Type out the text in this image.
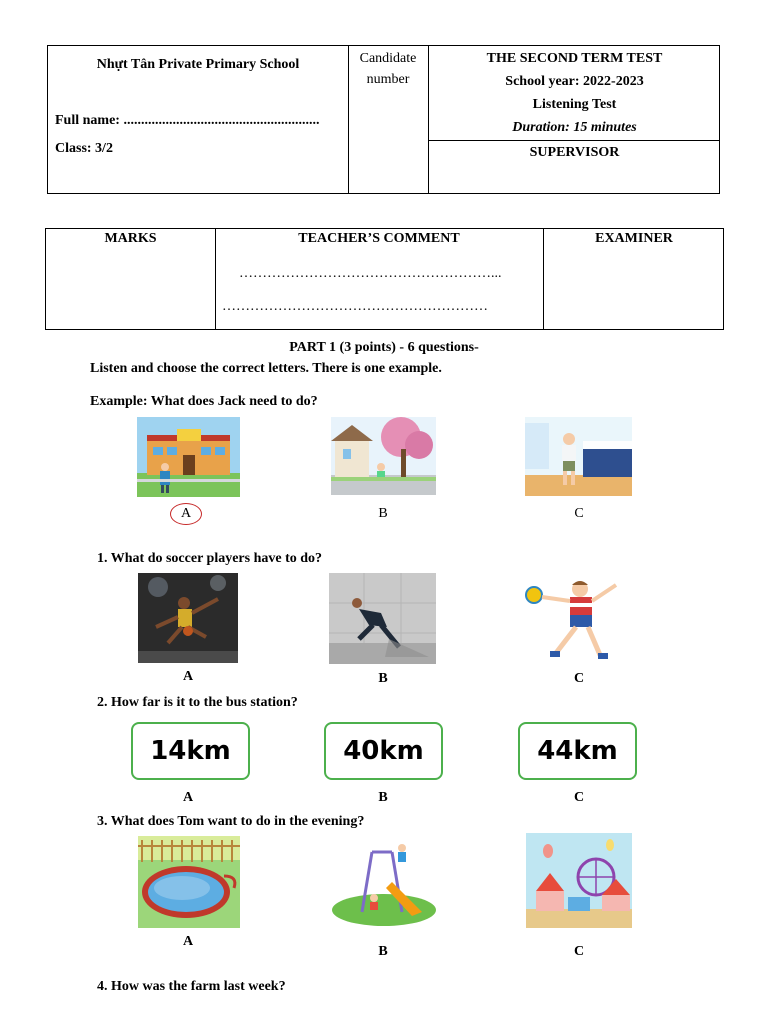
Nhựt Tân Private Primary School
Full name: ........................................................
Class: 3/2
Candidate
number
THE SECOND TERM TEST
School year: 2022-2023
Listening Test
Duration: 15 minutes
SUPERVISOR
MARKS	TEACHER’S COMMENT	EXAMINER
………………………………………………...
…………………………………………………
PART 1 (3 points) - 6 questions-
Listen and choose the correct letters. There is one example.
Example: What does Jack need to do?
A	B	C
1. What do soccer players have to do?
A	B	C
2. How far is it to the bus station?
14km	40km	44km
A	B	C
3. What does Tom want to do in the evening?
A
B	C
4. How was the farm last week?
